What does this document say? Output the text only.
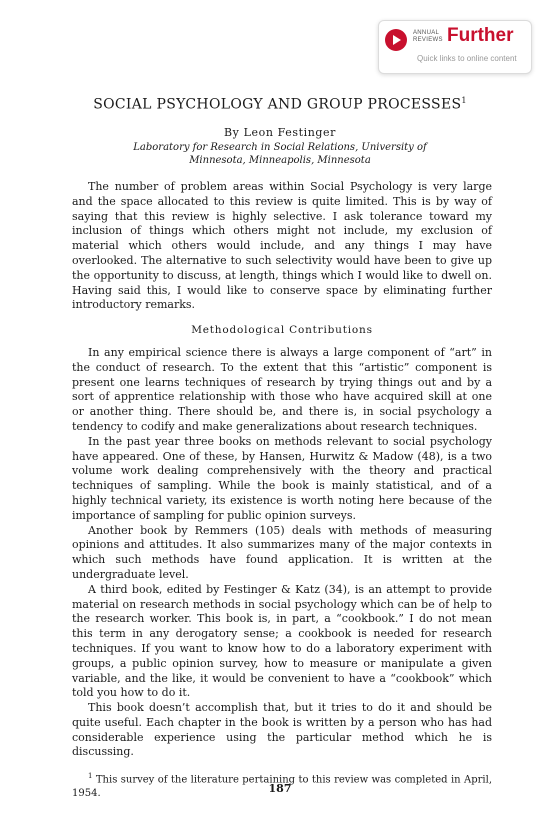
ANNUAL REVIEWS Further
Quick links to online content
SOCIAL PSYCHOLOGY AND GROUP PROCESSES$^1$
By Leon Festinger
Laboratory for Research in Social Relations, University of
Minnesota, Minneapolis, Minnesota

The number of problem areas within Social Psychology is very large and the space allocated to this review is quite limited. This is by way of saying that this review is highly selective. I ask tolerance toward my inclusion of things which others might not include, my exclusion of material which others would include, and any things I may have overlooked. The alternative to such selectivity would have been to give up the opportunity to discuss, at length, things which I would like to dwell on. Having said this, I would like to conserve space by eliminating further introductory remarks.

Methodological Contributions

In any empirical science there is always a large component of “art” in the conduct of research. To the extent that this “artistic” component is present one learns techniques of research by trying things out and by a sort of apprentice relationship with those who have acquired skill at one or another thing. There should be, and there is, in social psychology a tendency to codify and make generalizations about research techniques.

In the past year three books on methods relevant to social psychology have appeared. One of these, by Hansen, Hurwitz & Madow (48), is a two volume work dealing comprehensively with the theory and practical techniques of sampling. While the book is mainly statistical, and of a highly technical variety, its existence is worth noting here because of the importance of sampling for public opinion surveys.

Another book by Remmers (105) deals with methods of measuring opinions and attitudes. It also summarizes many of the major contexts in which such methods have found application. It is written at the undergraduate level.

A third book, edited by Festinger & Katz (34), is an attempt to provide material on research methods in social psychology which can be of help to the research worker. This book is, in part, a “cookbook.” I do not mean this term in any derogatory sense; a cookbook is needed for research techniques. If you want to know how to do a laboratory experiment with groups, a public opinion survey, how to measure or manipulate a given variable, and the like, it would be convenient to have a “cookbook” which told you how to do it.

This book doesn’t accomplish that, but it tries to do it and should be quite useful. Each chapter in the book is written by a person who has had considerable experience using the particular method which he is discussing.

$^1$ This survey of the literature pertaining to this review was completed in April, 1954.	187
